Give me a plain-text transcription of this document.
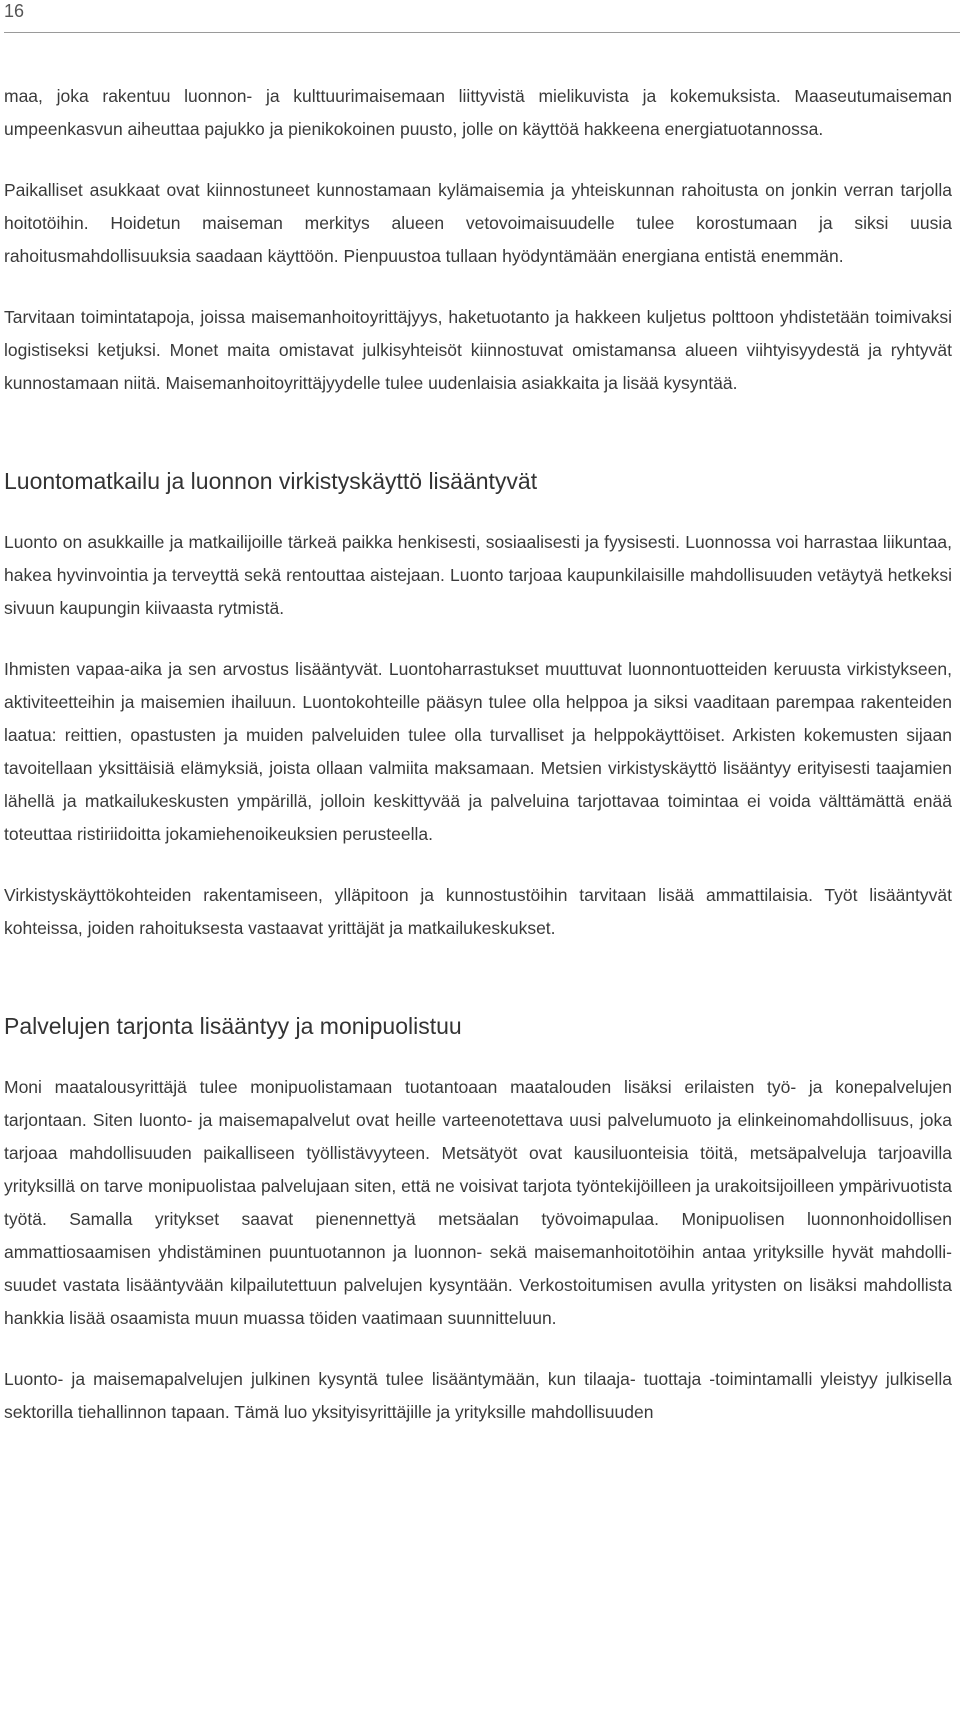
16

maa, joka rakentuu luonnon- ja kulttuurimaisemaan liittyvistä mielikuvista ja kokemuksista. Maaseutumaiseman umpeenkasvun aiheuttaa pajukko ja pienikokoinen puusto, jolle on käyttöä hakkeena energiatuotannossa.

Paikalliset asukkaat ovat kiinnostuneet kunnostamaan kylämaisemia ja yhteiskunnan rahoitusta on jonkin verran tarjolla hoitotöihin. Hoidetun maiseman merkitys alueen vetovoimaisuudelle tulee korostumaan ja siksi uusia rahoitusmahdollisuuksia saadaan käyttöön. Pienpuustoa tullaan hyödyntämään energiana entistä enemmän.

Tarvitaan toimintatapoja, joissa maisemanhoitoyrittäjyys, haketuotanto ja hakkeen kuljetus polttoon yhdistetään toimivaksi logistiseksi ketjuksi. Monet maita omistavat julkisyhteisöt kiinnostuvat omistamansa alueen viihtyisyydestä ja ryhtyvät kunnostamaan niitä. Maisemanhoitoyrittäjyydelle tulee uudenlaisia asiakkaita ja lisää kysyntää.

Luontomatkailu ja luonnon virkistyskäyttö lisääntyvät

Luonto on asukkaille ja matkailijoille tärkeä paikka henkisesti, sosiaalisesti ja fyysisesti. Luonnossa voi harrastaa liikuntaa, hakea hyvinvointia ja terveyttä sekä rentouttaa aistejaan. Luonto tarjoaa kaupunkilaisille mahdollisuuden vetäytyä hetkeksi sivuun kaupungin kiivaasta rytmistä.

Ihmisten vapaa-aika ja sen arvostus lisääntyvät. Luontoharrastukset muuttuvat luonnontuotteiden keruusta virkistykseen, aktiviteetteihin ja maisemien ihailuun. Luontokohteille pääsyn tulee olla helppoa ja siksi vaaditaan parempaa rakenteiden laatua: reittien, opastusten ja muiden palveluiden tulee olla turvalliset ja helppokäyttöiset. Arkisten kokemusten sijaan tavoitellaan yksittäisiä elämyksiä, joista ollaan valmiita maksamaan. Metsien virkistyskäyttö lisääntyy erityisesti taajamien lähellä ja matkailukeskusten ympärillä, jolloin keskittyvää ja palveluina tarjottavaa toimintaa ei voida välttämättä enää toteuttaa ristiriidoitta jokamiehenoikeuksien perusteella.

Virkistyskäyttökohteiden rakentamiseen, ylläpitoon ja kunnostustöihin tarvitaan lisää ammattilaisia. Työt lisääntyvät kohteissa, joiden rahoituksesta vastaavat yrittäjät ja matkailukeskukset.

Palvelujen tarjonta lisääntyy ja monipuolistuu

Moni maatalousyrittäjä tulee monipuolistamaan tuotantoaan maatalouden lisäksi erilaisten työ- ja konepalvelujen tarjontaan. Siten luonto- ja maisemapalvelut ovat heille varteenotettava uusi palvelumuoto ja elinkeinomahdollisuus, joka tarjoaa mahdollisuuden paikalliseen työllistävyyteen. Metsätyöt ovat kausiluonteisia töitä, metsäpalveluja tarjoavilla yrityksillä on tarve monipuolistaa palvelujaan siten, että ne voisivat tarjota työntekijöilleen ja urakoitsijoilleen ympärivuotista työtä. Samalla yritykset saavat pienennettyä metsäalan työvoimapulaa. Monipuolisen luonnonhoidollisen ammattiosaamisen yhdistäminen puuntuotannon ja luonnon- sekä maisemanhoitotöihin antaa yrityksille hyvät mahdollisuudet vastata lisääntyvään kilpailutettuun palvelujen kysyntään. Verkostoitumisen avulla yritysten on lisäksi mahdollista hankkia lisää osaamista muun muassa töiden vaatimaan suunnitteluun.

Luonto- ja maisemapalvelujen julkinen kysyntä tulee lisääntymään, kun tilaaja- tuottaja -toimintamalli yleistyy julkisella sektorilla tiehallinnon tapaan. Tämä luo yksityisyrittäjille ja yrityksille mahdollisuuden
